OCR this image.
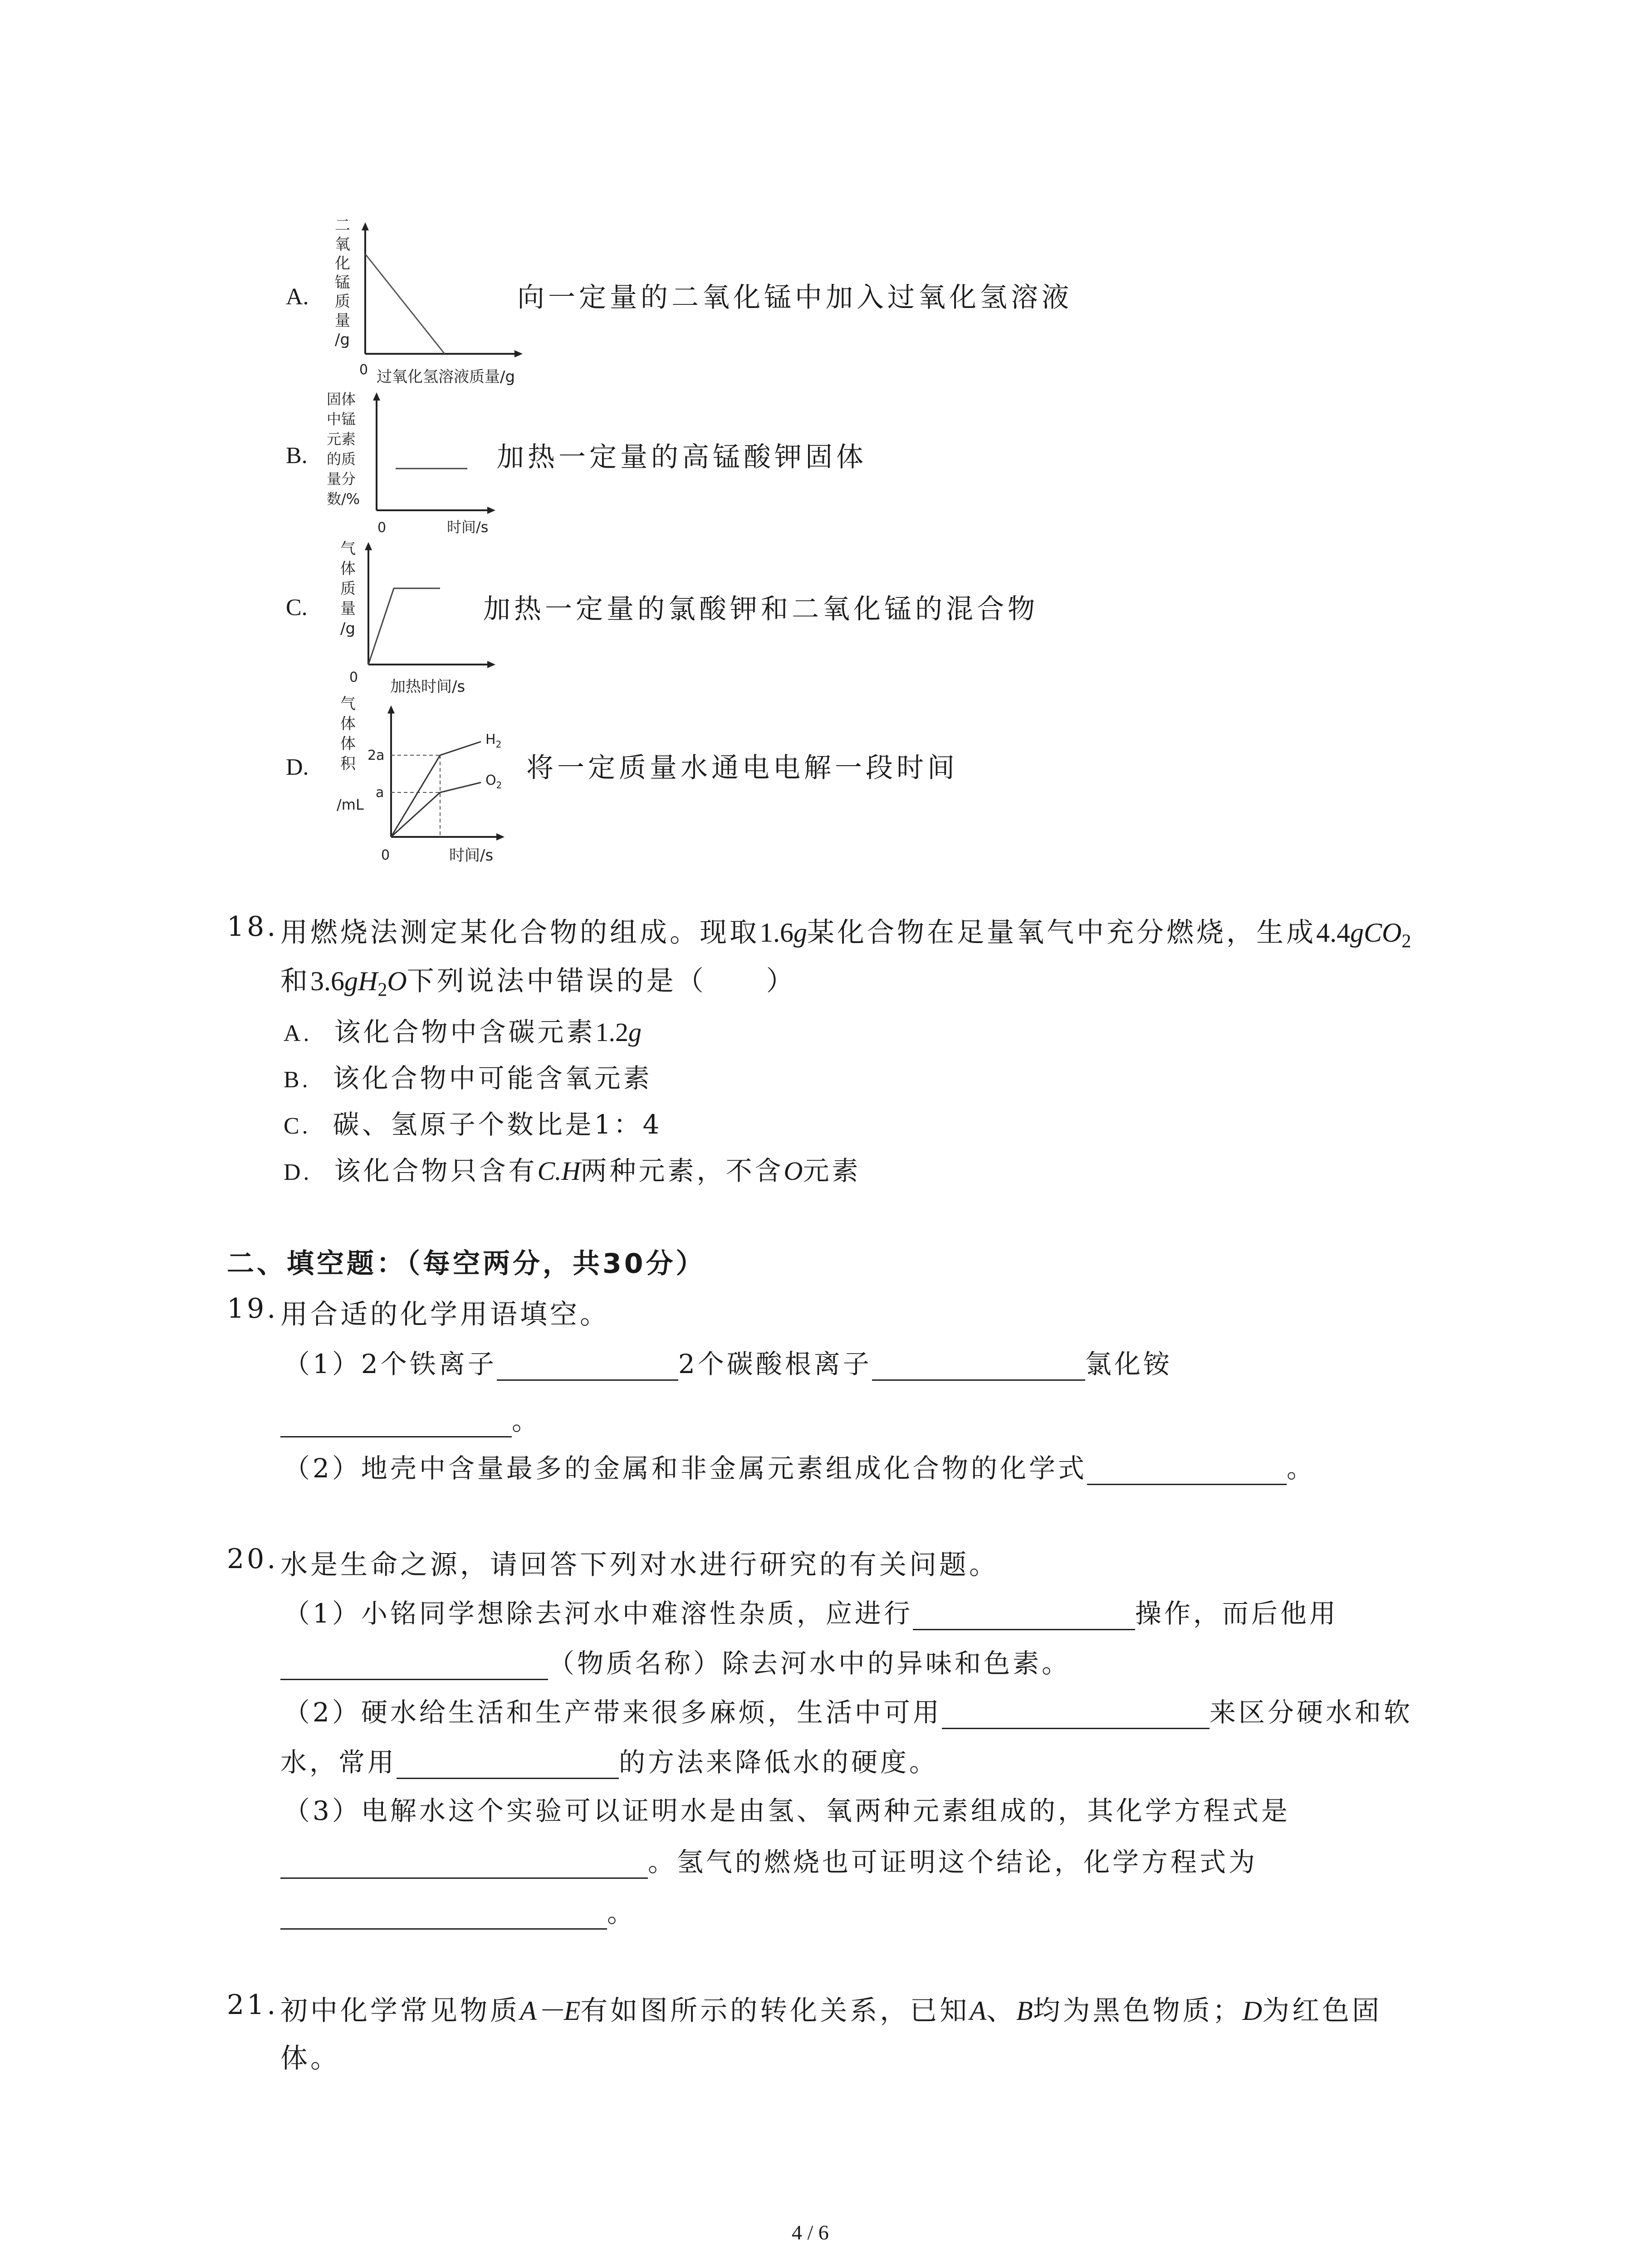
A.
二
氧
化
锰
质
量
/g
0 过氧化氢溶液质量/g
向一定量的二氧化锰中加入过氧化氢溶液
B.
固体
中锰
元素
的质
量分
数/%
0	时间/s
加热一定量的高锰酸钾固体
C.
气
体
质
量
/g
0
加热时间/s
加热一定量的氯酸钾和二氧化锰的混合物
D.
气
体
体
积
/mL
2a
a
$H_2$
$O_2$
0	时间/s
将一定质量水通电电解一段时间
18. 用燃烧法测定某化合物的组成。现取1.6g某化合物在足量氧气中充分燃烧，生成4.4gCO$_2$
和$3.6gH_2O$下列说法中错误的是（　　）
A. 该化合物中含碳元素1.2g
B. 该化合物中可能含氧元素
C. 碳、氢原子个数比是1：4
D. 该化合物只含有C.H两种元素，不含O元素
二、填空题：（每空两分，共30分）
19. 用合适的化学用语填空。
（1）2个铁离子	2个碳酸根离子	氯化铵
。
（2）地壳中含量最多的金属和非金属元素组成化合物的化学式	。
20. 水是生命之源，请回答下列对水进行研究的有关问题。
（1）小铭同学想除去河水中难溶性杂质，应进行	操作，而后他用
（物质名称）除去河水中的异味和色素。
（2）硬水给生活和生产带来很多麻烦，生活中可用	来区分硬水和软
水，常用	的方法来降低水的硬度。
（3）电解水这个实验可以证明水是由氢、氧两种元素组成的，其化学方程式是
。氢气的燃烧也可证明这个结论，化学方程式为
。
21. 初中化学常见物质A－E有如图所示的转化关系，已知A、B均为黑色物质；D为红色固
体。
4 / 6
